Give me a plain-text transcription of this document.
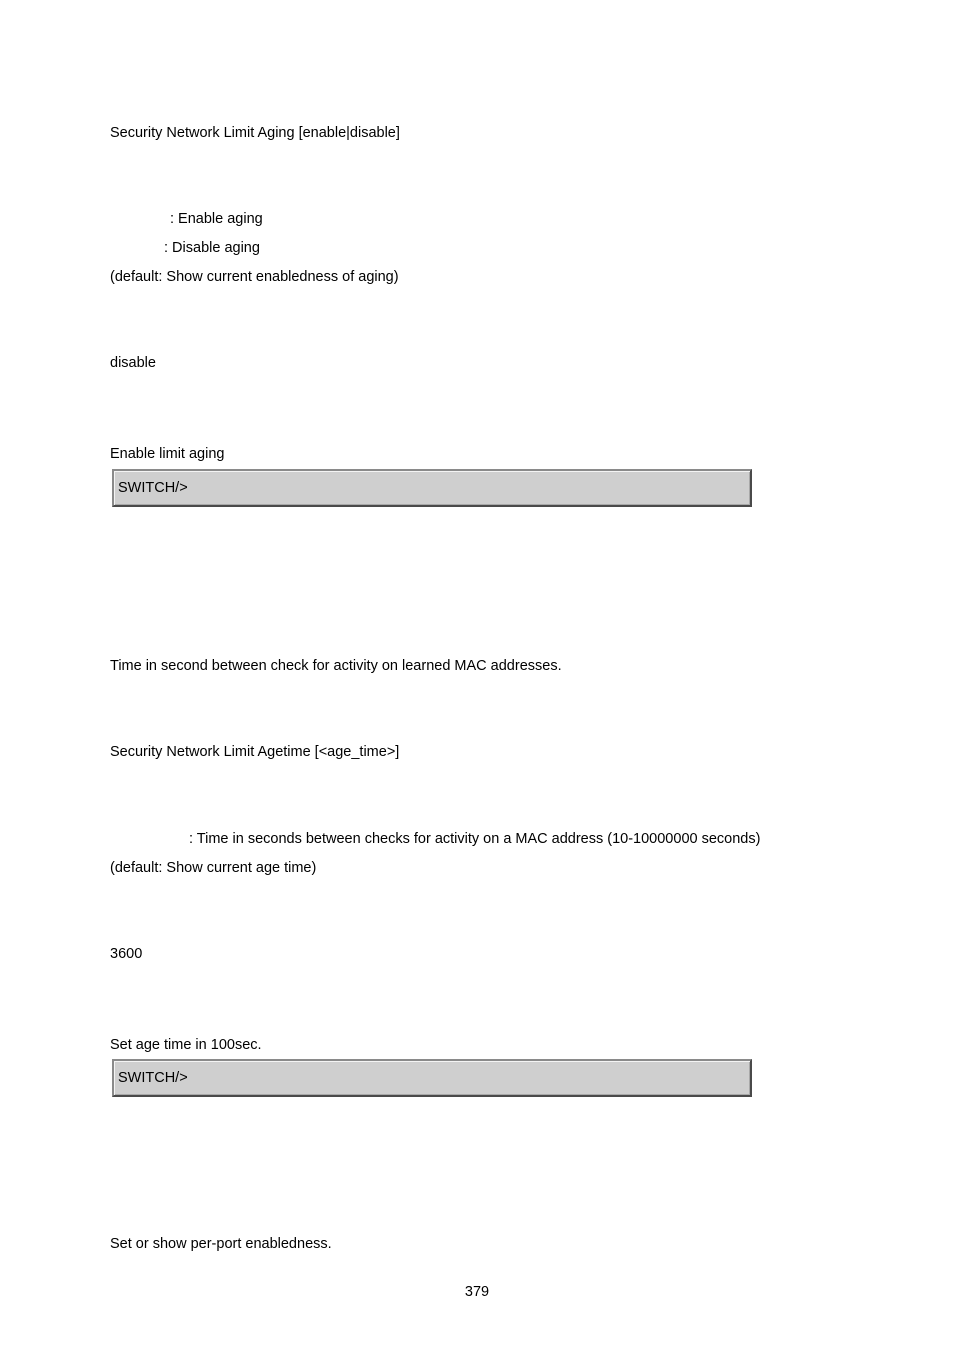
Security Network Limit Aging [enable|disable]
: Enable aging
: Disable aging
(default: Show current enabledness of aging)
disable
Enable limit aging
SWITCH/>
Time in second between check for activity on learned MAC addresses.
Security Network Limit Agetime [<age_time>]
: Time in seconds between checks for activity on a MAC address (10-10000000 seconds)
(default: Show current age time)
3600
Set age time in 100sec.
SWITCH/>
Set or show per-port enabledness.
379
